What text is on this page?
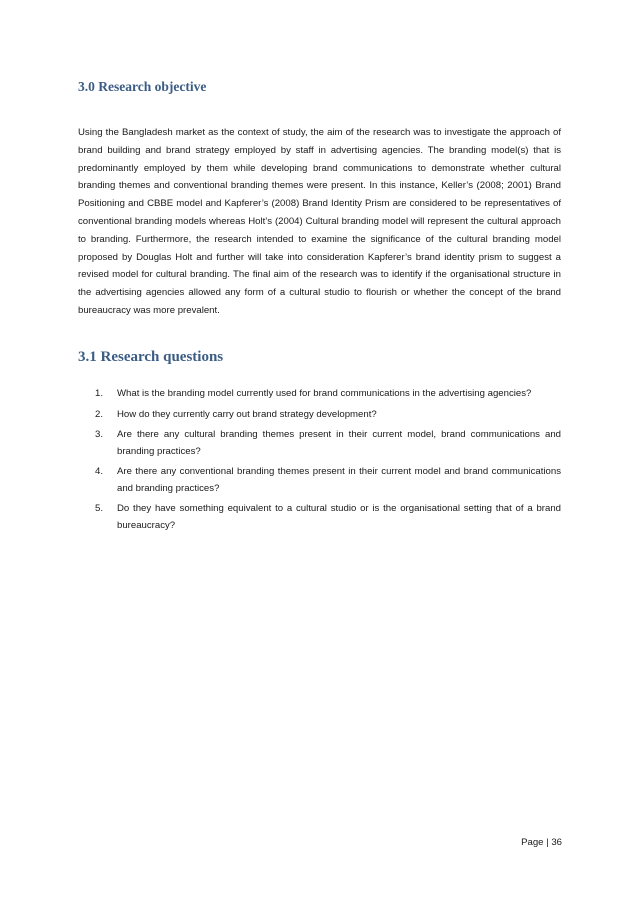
3.0 Research objective

Using the Bangladesh market as the context of study, the aim of the research was to investigate the approach of brand building and brand strategy employed by staff in advertising agencies. The branding model(s) that is predominantly employed by them while developing brand communications to demonstrate whether cultural branding themes and conventional branding themes were present. In this instance, Keller’s (2008; 2001) Brand Positioning and CBBE model and Kapferer’s (2008) Brand Identity Prism are considered to be representatives of conventional branding models whereas Holt’s (2004) Cultural branding model will represent the cultural approach to branding. Furthermore, the research intended to examine the significance of the cultural branding model proposed by Douglas Holt and further will take into consideration Kapferer’s brand identity prism to suggest a revised model for cultural branding. The final aim of the research was to identify if the organisational structure in the advertising agencies allowed any form of a cultural studio to flourish or whether the concept of the brand bureaucracy was more prevalent.

3.1 Research questions
1. What is the branding model currently used for brand communications in the advertising agencies?
2. How do they currently carry out brand strategy development?
3. Are there any cultural branding themes present in their current model, brand communications and branding practices?
4. Are there any conventional branding themes present in their current model and brand communications and branding practices?
5. Do they have something equivalent to a cultural studio or is the organisational setting that of a brand bureaucracy?
Page | 36
